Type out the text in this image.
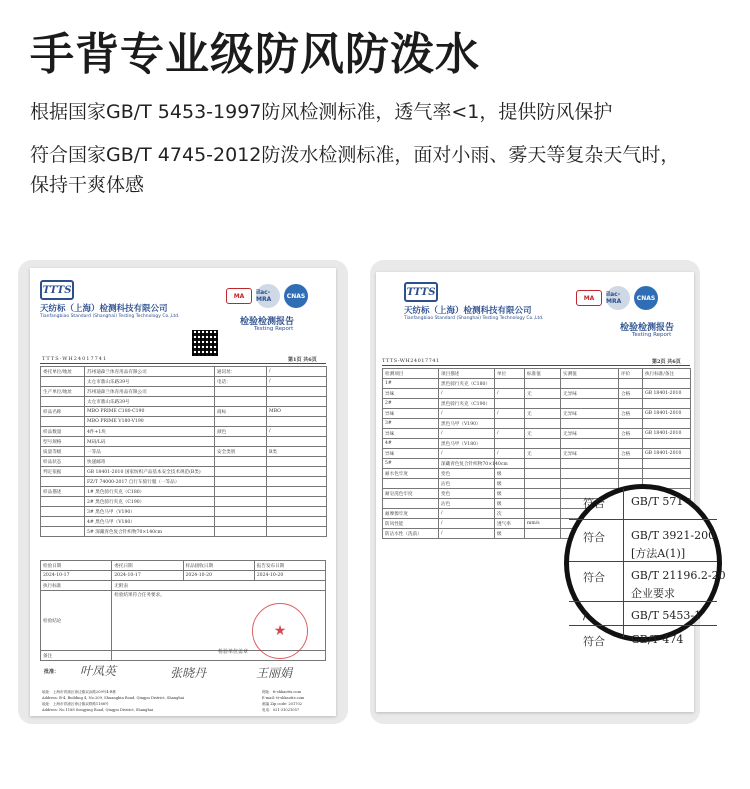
手背专业级防风防泼水
根据国家GB/T 5453-1997防风检测标准，透气率<1，提供防风保护
符合国家GB/T 4745-2012防泼水检测标准，面对小雨、雾天等复杂天气时，
保持干爽体感
TTTS
天纺标（上海）检测科技有限公司
Tianfangbiao Standard (Shanghai) Testing Technology Co.,Ltd.
MA	ilac-MRA	CNAS
检验检测报告
Testing Report
TTTS-WH24017741	第1页 共6页
委托单位/地址	苏州迪森兰体育用品有限公司	通讯址：	/
	太仓市鼎山乐路39号	电话：	/
生产单位/地址	苏州迪森兰体育用品有限公司		
	太仓市鼎山乐路39号		
样品名称	MBO PRIME C180-C190	商标	MBO
	MBO PRIME V180-V190		
样品数量	4件+1块	颜色	/
型号规格	M码/L码		
质量等级	一等品	安全类别	B类
样品状态	快递邮寄		
判定依据	GB 18401-2010 国家纺织产品基本安全技术规范(B类)		
	FZ/T 74000-2017 自行车骑行服（一等品）		
样品描述	1# 黑色骑行夹克（C180）		
	2# 黑色骑行夹克（C190）		
	3# 黑色马甲（V190）		
	4# 黑色马甲（V180）		
	5# 深藏青色复合针织物70×140cm		
检验日期	委托日期	样品接收日期	报告发布日期
2024-10-17	2024-10-17	2024-10-20	2024-10-20
执行标准	无附表		
检验结论	检验结果符合任务要求。		
备注			
检验单位盖章
★
批准： 叶凤英	张晓丹	王丽娟
地址：上海市青浦区徐泾镇双浜路209号4-B栋
Address: B-4, Building 4, No.209, Shuangbin Road, Qingpu District, Shanghai
地址：上海市青浦区徐泾镇双联路1188号
Address: No.1188 Songying Road, Qingpu District, Shanghai
网址：tt-shkaotts.com
E-mail: tt-shkaotts.com
邮编 Zip code: 201702
电话：021-31021057
TTTS
天纺标（上海）检测科技有限公司
Tianfangbiao Standard (Shanghai) Testing Technology Co.,Ltd.
MA	ilac-MRA	CNAS
检验检测报告
Testing Report
TTTS-WH24017741	第2页 共6页
检测项目	项目描述	单位	标准值	实测值	评价	执行标准/条注
1#	黑色骑行夹克（C180）					
异味	/	/	无	无异味	合格	GB 18401-2010
2#	黑色骑行夹克（C190）					
异味	/	/	无	无异味	合格	GB 18401-2010
3#	黑色马甲（V190）					
异味	/	/	无	无异味	合格	GB 18401-2010
4#	黑色马甲（V180）					
异味	/	/	无	无异味	合格	GB 18401-2010
5#	深藏青色复合针织物70×140cm					
耐水色牢度	变色	级				
	沾色	级				
耐皂洗色牢度	变色	级				
	沾色	级				
耐摩擦牢度	/	次				
防风性能	/	透气率	mm/s			
防沾水性（洗前）	/	级				
符合	GB/T 571
符合	GB/T 3921-200
[方法A(1)]
符合	GB/T 21196.2-20
企业要求
/	GB/T 5453-1
符合	GB/T 474
